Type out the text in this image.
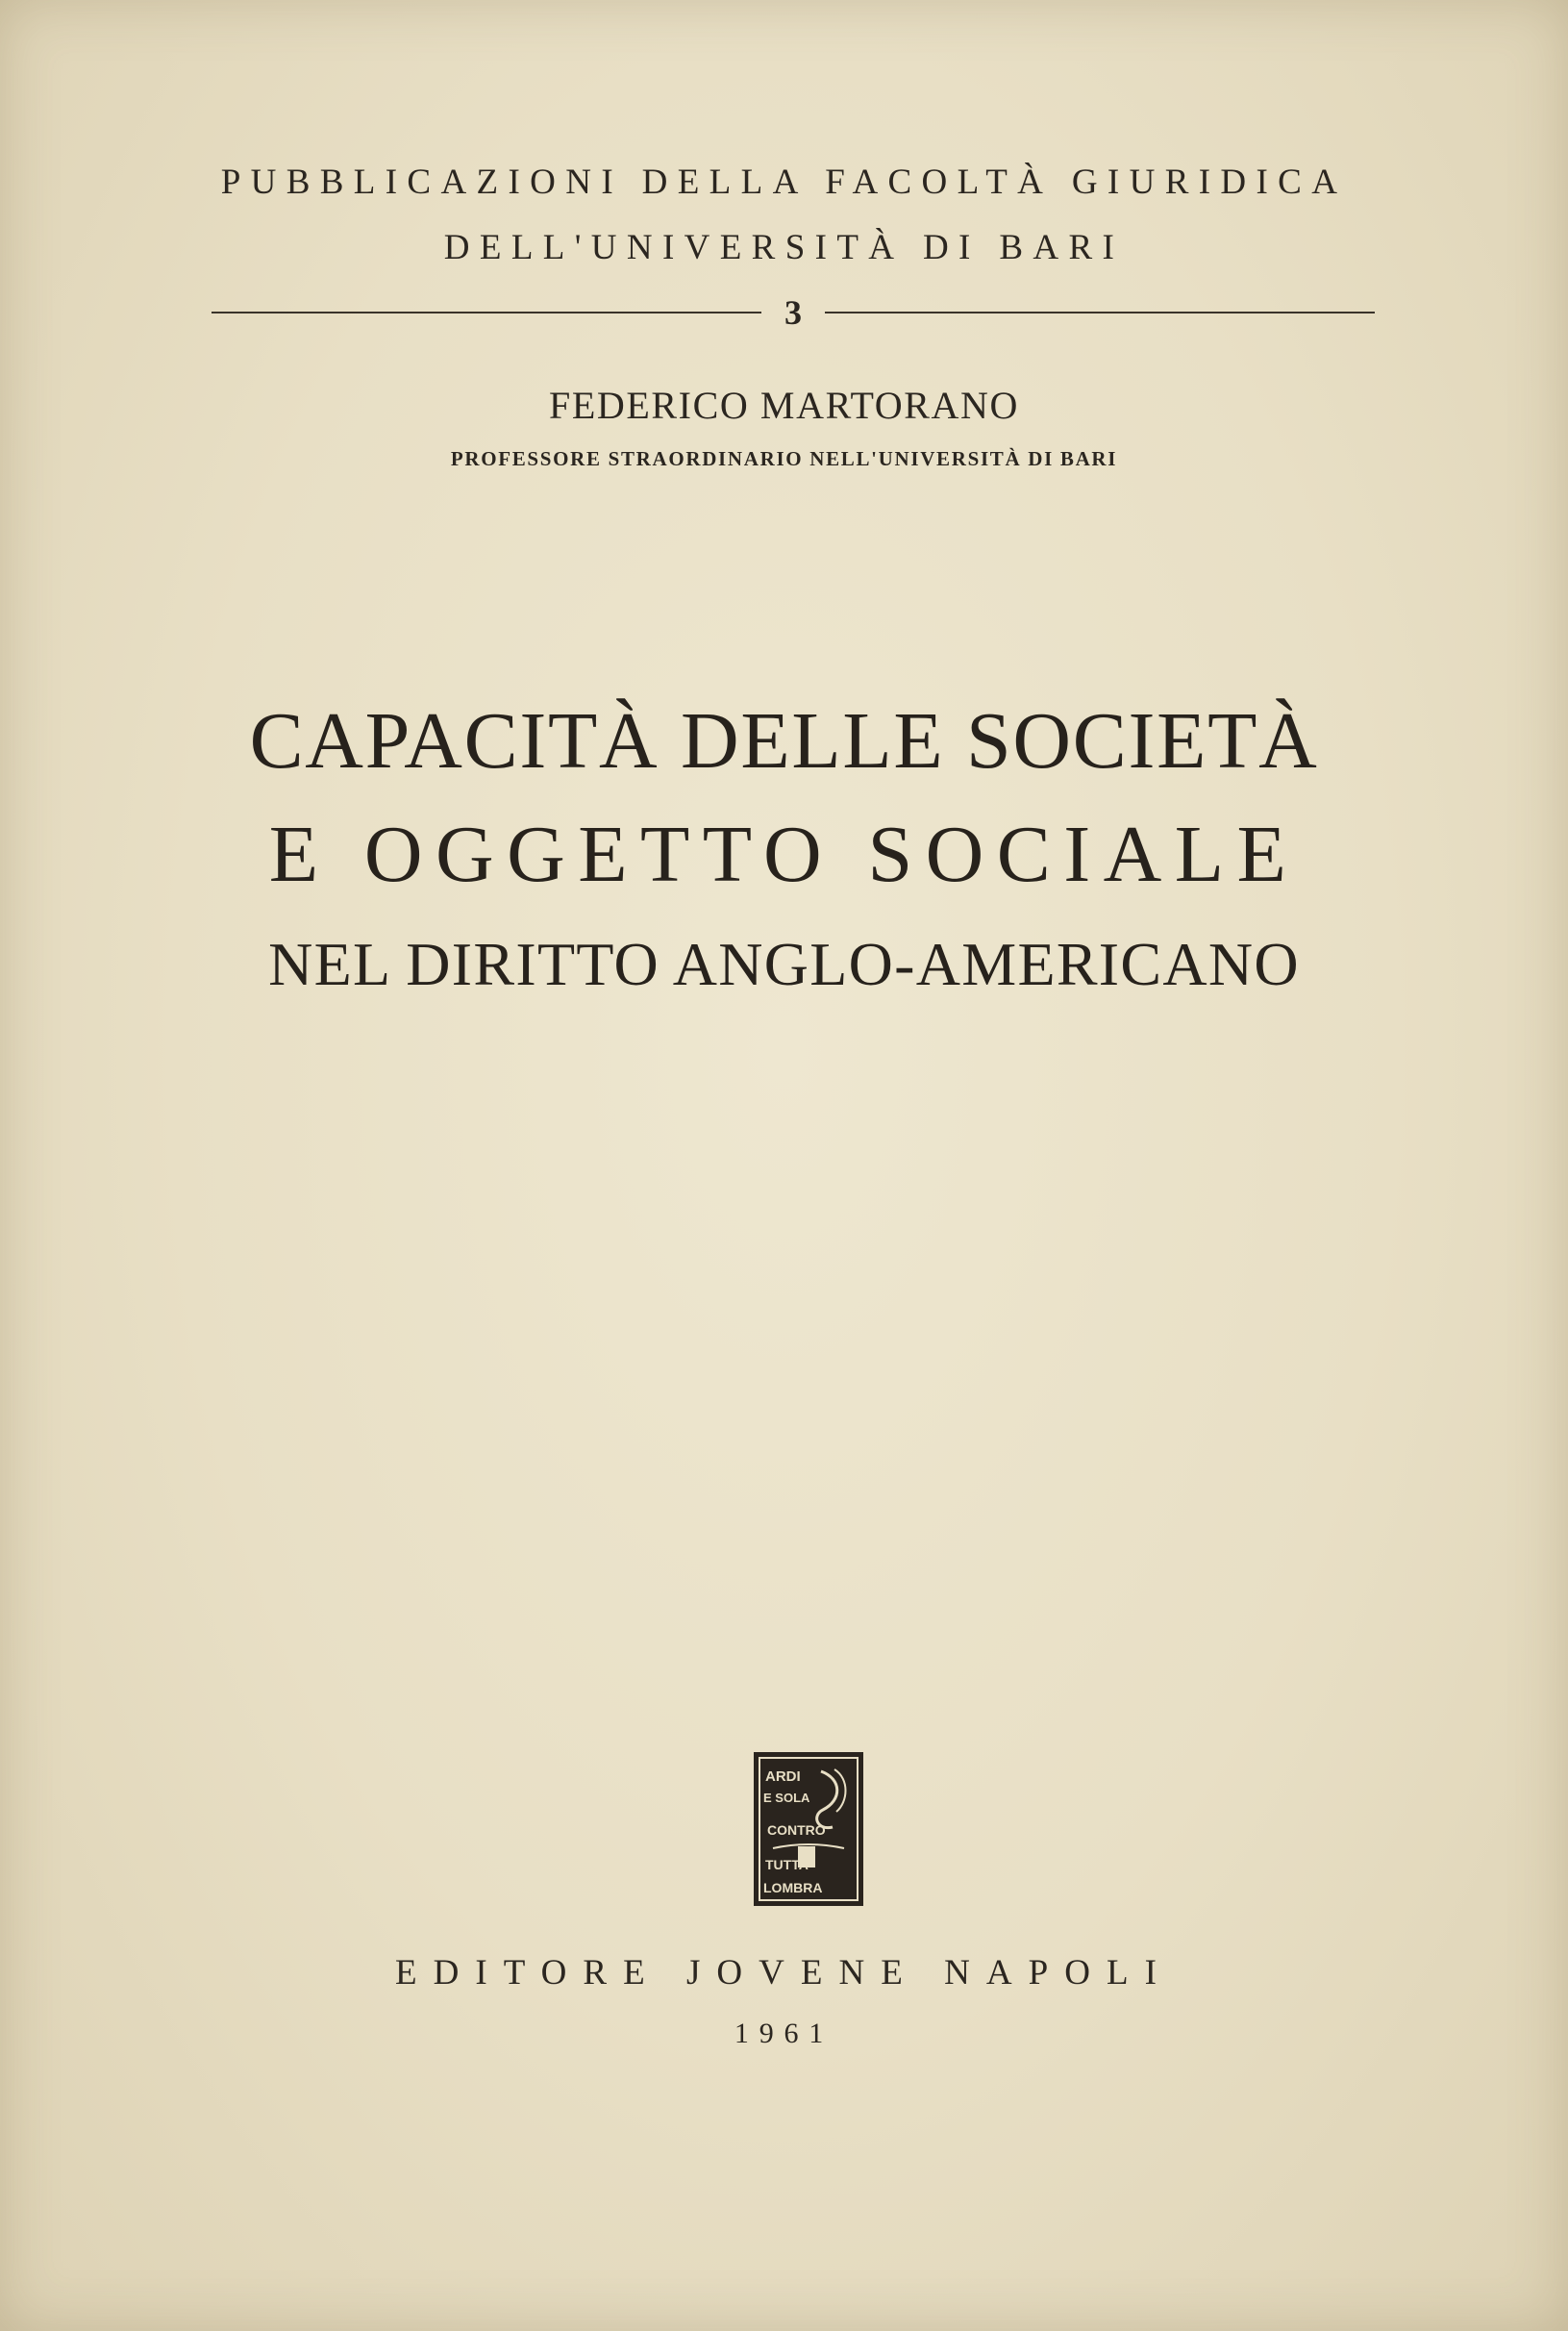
PUBBLICAZIONI DELLA FACOLTÀ GIURIDICA
DELL'UNIVERSITÀ DI BARI
3
FEDERICO MARTORANO
PROFESSORE STRAORDINARIO NELL'UNIVERSITÀ DI BARI
CAPACITÀ DELLE SOCIETÀ
E OGGETTO SOCIALE
NEL DIRITTO ANGLO-AMERICANO
ARDI
E SOLA
CONTRO
TUTTA
LOMBRA
EDITORE JOVENE NAPOLI
1961
